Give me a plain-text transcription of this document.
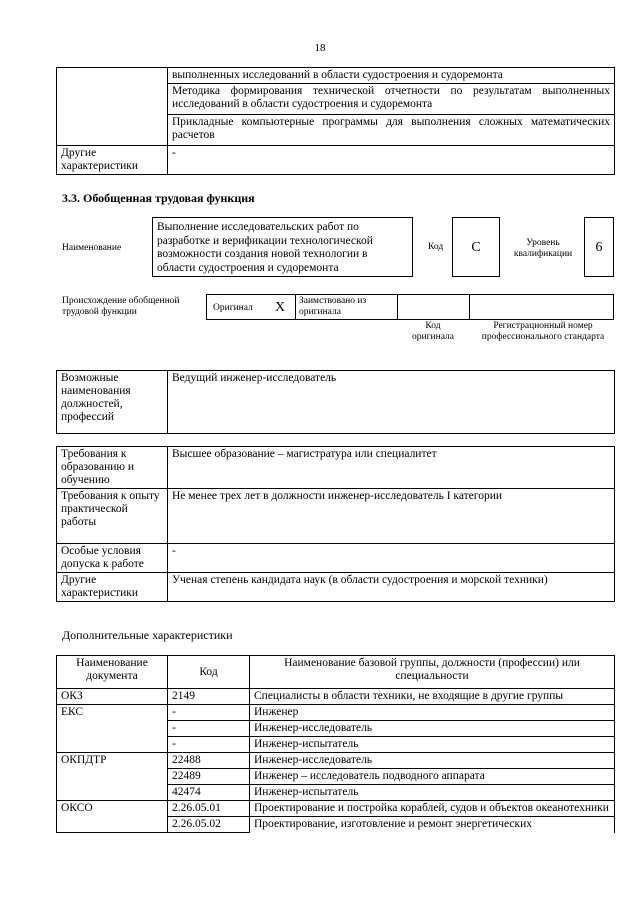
18
	выполненных исследований в области судостроения и судоремонта
	Методика формирования технической отчетности по результатам выполненных исследований в области судостроения и судоремонта
	Прикладные компьютерные программы для выполнения сложных математических расчетов
Другие характеристики	-
3.3. Обобщенная трудовая функция
Наименование
Выполнение исследовательских работ по разработке и верификации технологической возможности создания новой технологии в области судостроения и судоремонта
Код	C	Уровень квалификации	6
Происхождение обобщенной трудовой функции	Оригинал X Заимствовано из оригинала
Код оригинала
Регистрационный номер профессионального стандарта
Возможные наименования должностей, профессий	Ведущий инженер-исследователь
Требования к образованию и обучению	Высшее образование – магистратура или специалитет
Требования к опыту практической работы	Не менее трех лет в должности инженер-исследователь I категории
Особые условия допуска к работе	-
Другие характеристики	Ученая степень кандидата наук (в области судостроения и морской техники)
Дополнительные характеристики
Наименование документа	Код	Наименование базовой группы, должности (профессии) или специальности
ОКЗ	2149	Специалисты в области техники, не входящие в другие группы
ЕКС	-	Инженер
	-	Инженер-исследователь
	-	Инженер-испытатель
ОКПДТР	22488	Инженер-исследователь
	22489	Инженер – исследователь подводного аппарата
	42474	Инженер-испытатель
ОКСО	2.26.05.01	Проектирование и постройка кораблей, судов и объектов океанотехники
	2.26.05.02	Проектирование, изготовление и ремонт энергетических
